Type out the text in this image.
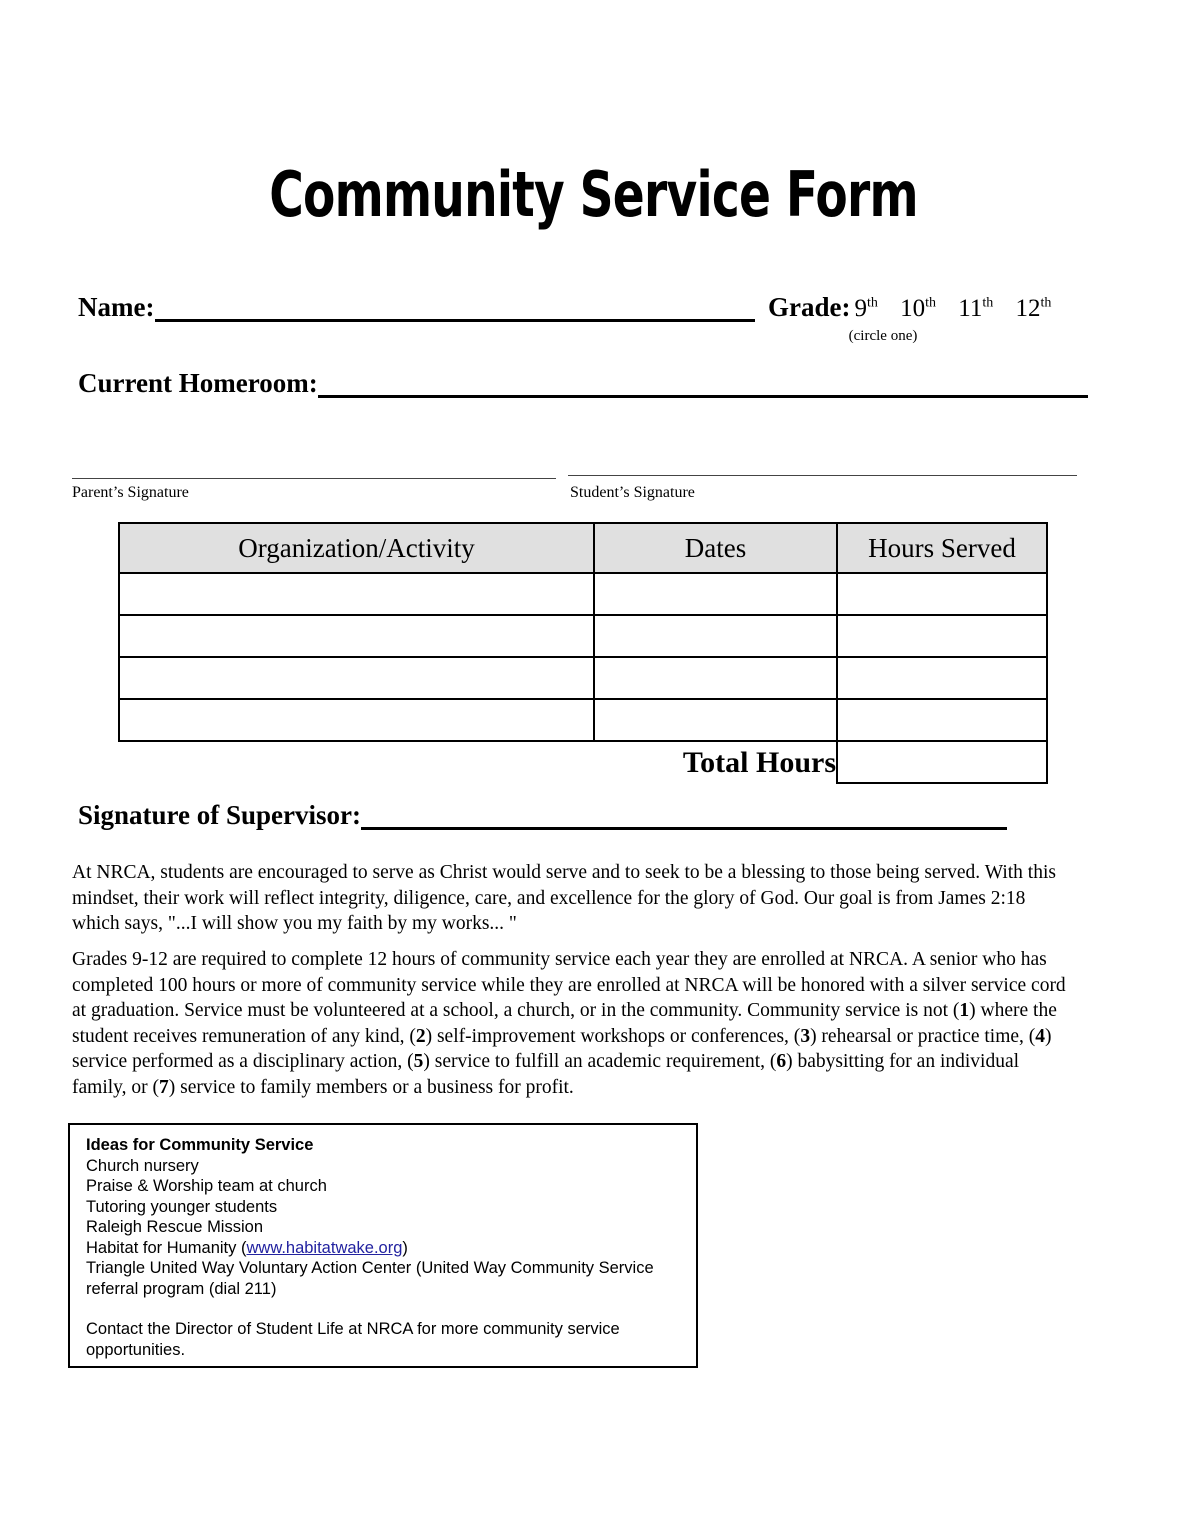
Community Service Form
Name:	Grade: 9th 10th 11th 12th
(circle one)
Current Homeroom:
Parent’s Signature	Student’s Signature
Organization/Activity	Dates	Hours Served

Total Hours		
Signature of Supervisor:
At NRCA, students are encouraged to serve as Christ would serve and to seek to be a blessing to those being served. With this mindset, their work will reflect integrity, diligence, care, and excellence for the glory of God. Our goal is from James 2:18 which says, "...I will show you my faith by my works... "
Grades 9-12 are required to complete 12 hours of community service each year they are enrolled at NRCA. A senior who has completed 100 hours or more of community service while they are enrolled at NRCA will be honored with a silver service cord at graduation. Service must be volunteered at a school, a church, or in the community. Community service is not (1) where the student receives remuneration of any kind, (2) self-improvement workshops or conferences, (3) rehearsal or practice time, (4) service performed as a disciplinary action, (5) service to fulfill an academic requirement, (6) babysitting for an individual family, or (7) service to family members or a business for profit.
Ideas for Community Service
Church nursery
Praise & Worship team at church
Tutoring younger students
Raleigh Rescue Mission
Habitat for Humanity (www.habitatwake.org)
Triangle United Way Voluntary Action Center (United Way Community Service referral program (dial 211)
Contact the Director of Student Life at NRCA for more community service opportunities.
